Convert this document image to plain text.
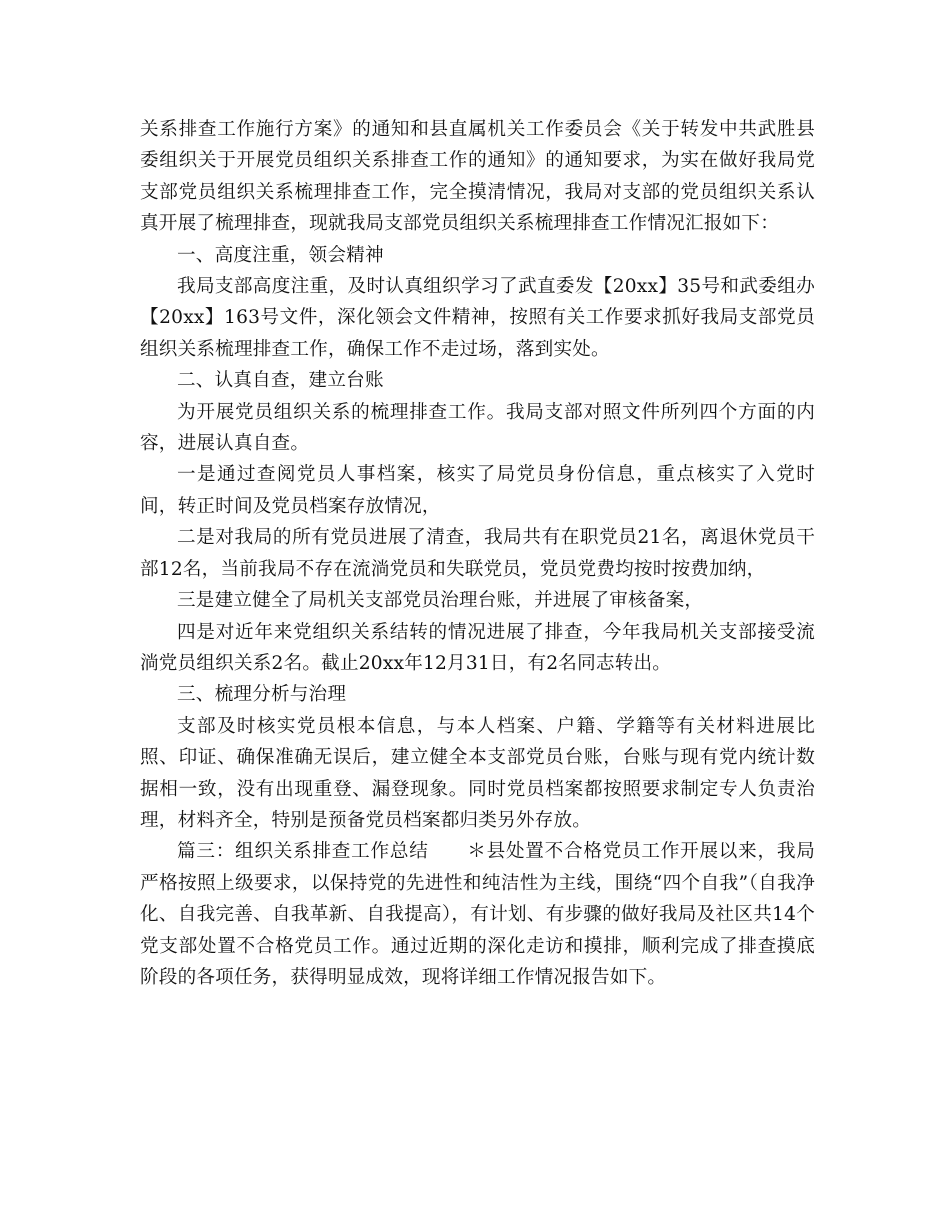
关系排查工作施行方案》的通知和县直属机关工作委员会《关于转发中共武胜县委组织关于开展党员组织关系排查工作的通知》的通知要求，为实在做好我局党支部党员组织关系梳理排查工作，完全摸清情况，我局对支部的党员组织关系认真开展了梳理排查，现就我局支部党员组织关系梳理排查工作情况汇报如下：

一、高度注重，领会精神

我局支部高度注重，及时认真组织学习了武直委发【20xx】35号和武委组办【20xx】163号文件，深化领会文件精神，按照有关工作要求抓好我局支部党员组织关系梳理排查工作，确保工作不走过场，落到实处。

二、认真自查，建立台账

为开展党员组织关系的梳理排查工作。我局支部对照文件所列四个方面的内容，进展认真自查。

一是通过查阅党员人事档案，核实了局党员身份信息，重点核实了入党时间，转正时间及党员档案存放情况，

二是对我局的所有党员进展了清查，我局共有在职党员21名，离退休党员干部12名，当前我局不存在流淌党员和失联党员，党员党费均按时按费加纳，

三是建立健全了局机关支部党员治理台账，并进展了审核备案，

四是对近年来党组织关系结转的情况进展了排查，今年我局机关支部接受流淌党员组织关系2名。截止20xx年12月31日，有2名同志转出。

三、梳理分析与治理

支部及时核实党员根本信息，与本人档案、户籍、学籍等有关材料进展比照、印证、确保准确无误后，建立健全本支部党员台账，台账与现有党内统计数据相一致，没有出现重登、漏登现象。同时党员档案都按照要求制定专人负责治理，材料齐全，特别是预备党员档案都归类另外存放。

篇三：组织关系排查工作总结　　＊县处置不合格党员工作开展以来，我局严格按照上级要求，以保持党的先进性和纯洁性为主线，围绕“四个自我”（自我净化、自我完善、自我革新、自我提高），有计划、有步骤的做好我局及社区共14个党支部处置不合格党员工作。通过近期的深化走访和摸排，顺利完成了排查摸底阶段的各项任务，获得明显成效，现将详细工作情况报告如下。
